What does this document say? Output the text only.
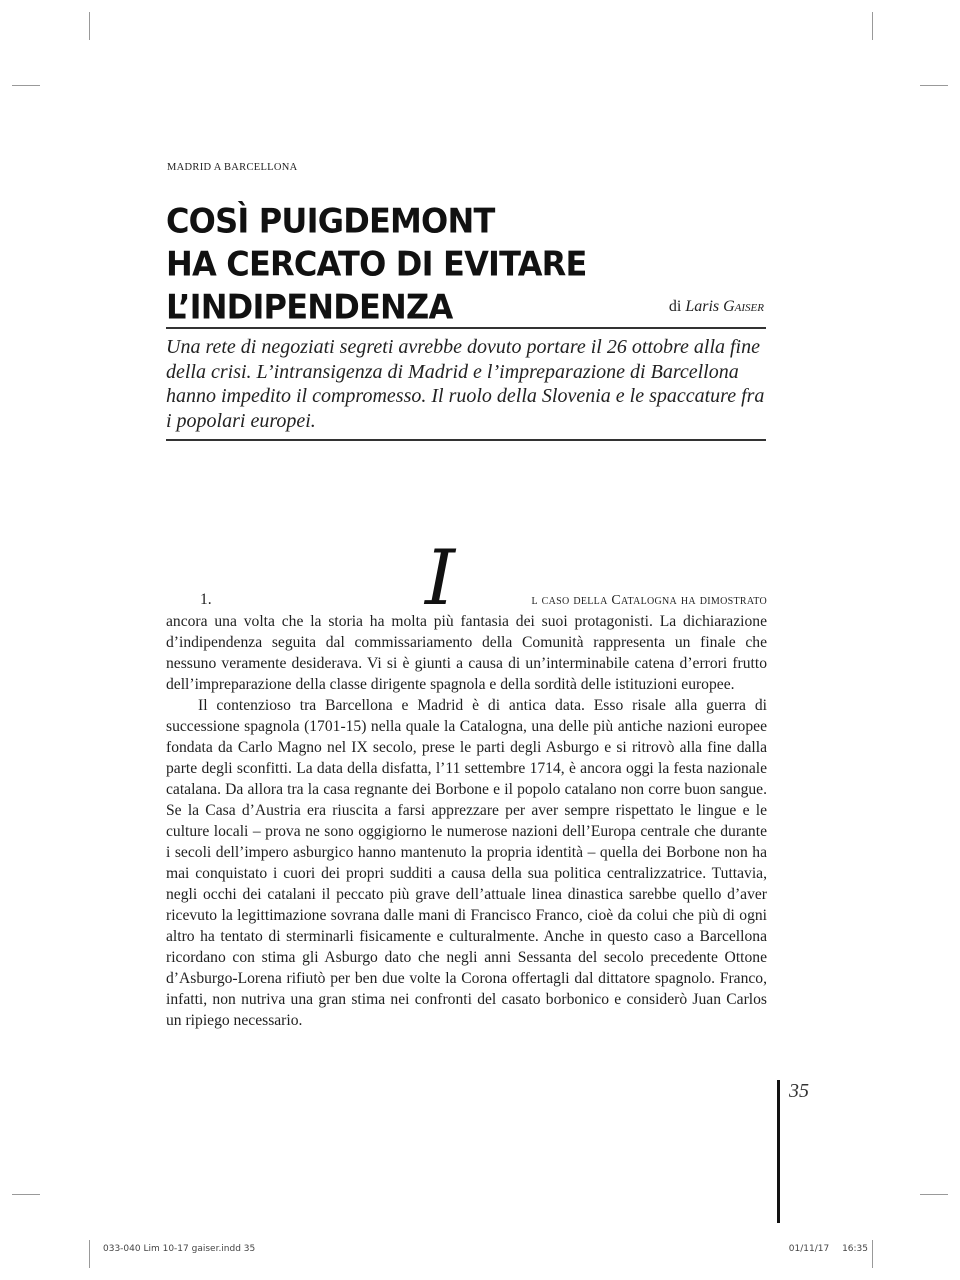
MADRID A BARCELLONA
COSÌ PUIGDEMONT
HA CERCATO DI EVITARE
L’INDIPENDENZA	di Laris Gaiser
Una rete di negoziati segreti avrebbe dovuto portare il 26 ottobre alla fine della crisi. L’intransigenza di Madrid e l’impreparazione di Barcellona hanno impedito il compromesso. Il ruolo della Slovenia e le spaccature fra i popolari europei.
I
1.	l caso della Catalogna ha dimostrato

ancora una volta che la storia ha molta più fantasia dei suoi protagonisti. La dichiarazione d’indipendenza seguita dal commissariamento della Comunità rappresenta un finale che nessuno veramente desiderava. Vi si è giunti a causa di un’interminabile catena d’errori frutto dell’impreparazione della classe dirigente spagnola e della sordità delle istituzioni europee.

Il contenzioso tra Barcellona e Madrid è di antica data. Esso risale alla guerra di successione spagnola (1701-15) nella quale la Catalogna, una delle più antiche nazioni europee fondata da Carlo Magno nel IX secolo, prese le parti degli Asburgo e si ritrovò alla fine dalla parte degli sconfitti. La data della disfatta, l’11 settembre 1714, è ancora oggi la festa nazionale catalana. Da allora tra la casa regnante dei Borbone e il popolo catalano non corre buon sangue. Se la Casa d’Austria era riuscita a farsi apprezzare per aver sempre rispettato le lingue e le culture locali – prova ne sono oggigiorno le numerose nazioni dell’Europa centrale che durante i secoli dell’impero asburgico hanno mantenuto la propria identità – quella dei Borbone non ha mai conquistato i cuori dei propri sudditi a causa della sua politica centralizzatrice. Tuttavia, negli occhi dei catalani il peccato più grave dell’attuale linea dinastica sarebbe quello d’aver ricevuto la legittimazione sovrana dalle mani di Francisco Franco, cioè da colui che più di ogni altro ha tentato di sterminarli fisicamente e culturalmente. Anche in questo caso a Barcellona ricordano con stima gli Asburgo dato che negli anni Sessanta del secolo precedente Ottone d’Asburgo-Lorena rifiutò per ben due volte la Corona offertagli dal dittatore spagnolo. Franco, infatti, non nutriva una gran stima nei confronti del casato borbonico e considerò Juan Carlos un ripiego necessario.

35
033-040 Lim 10-17 gaiser.indd 35	01/11/17 16:35
